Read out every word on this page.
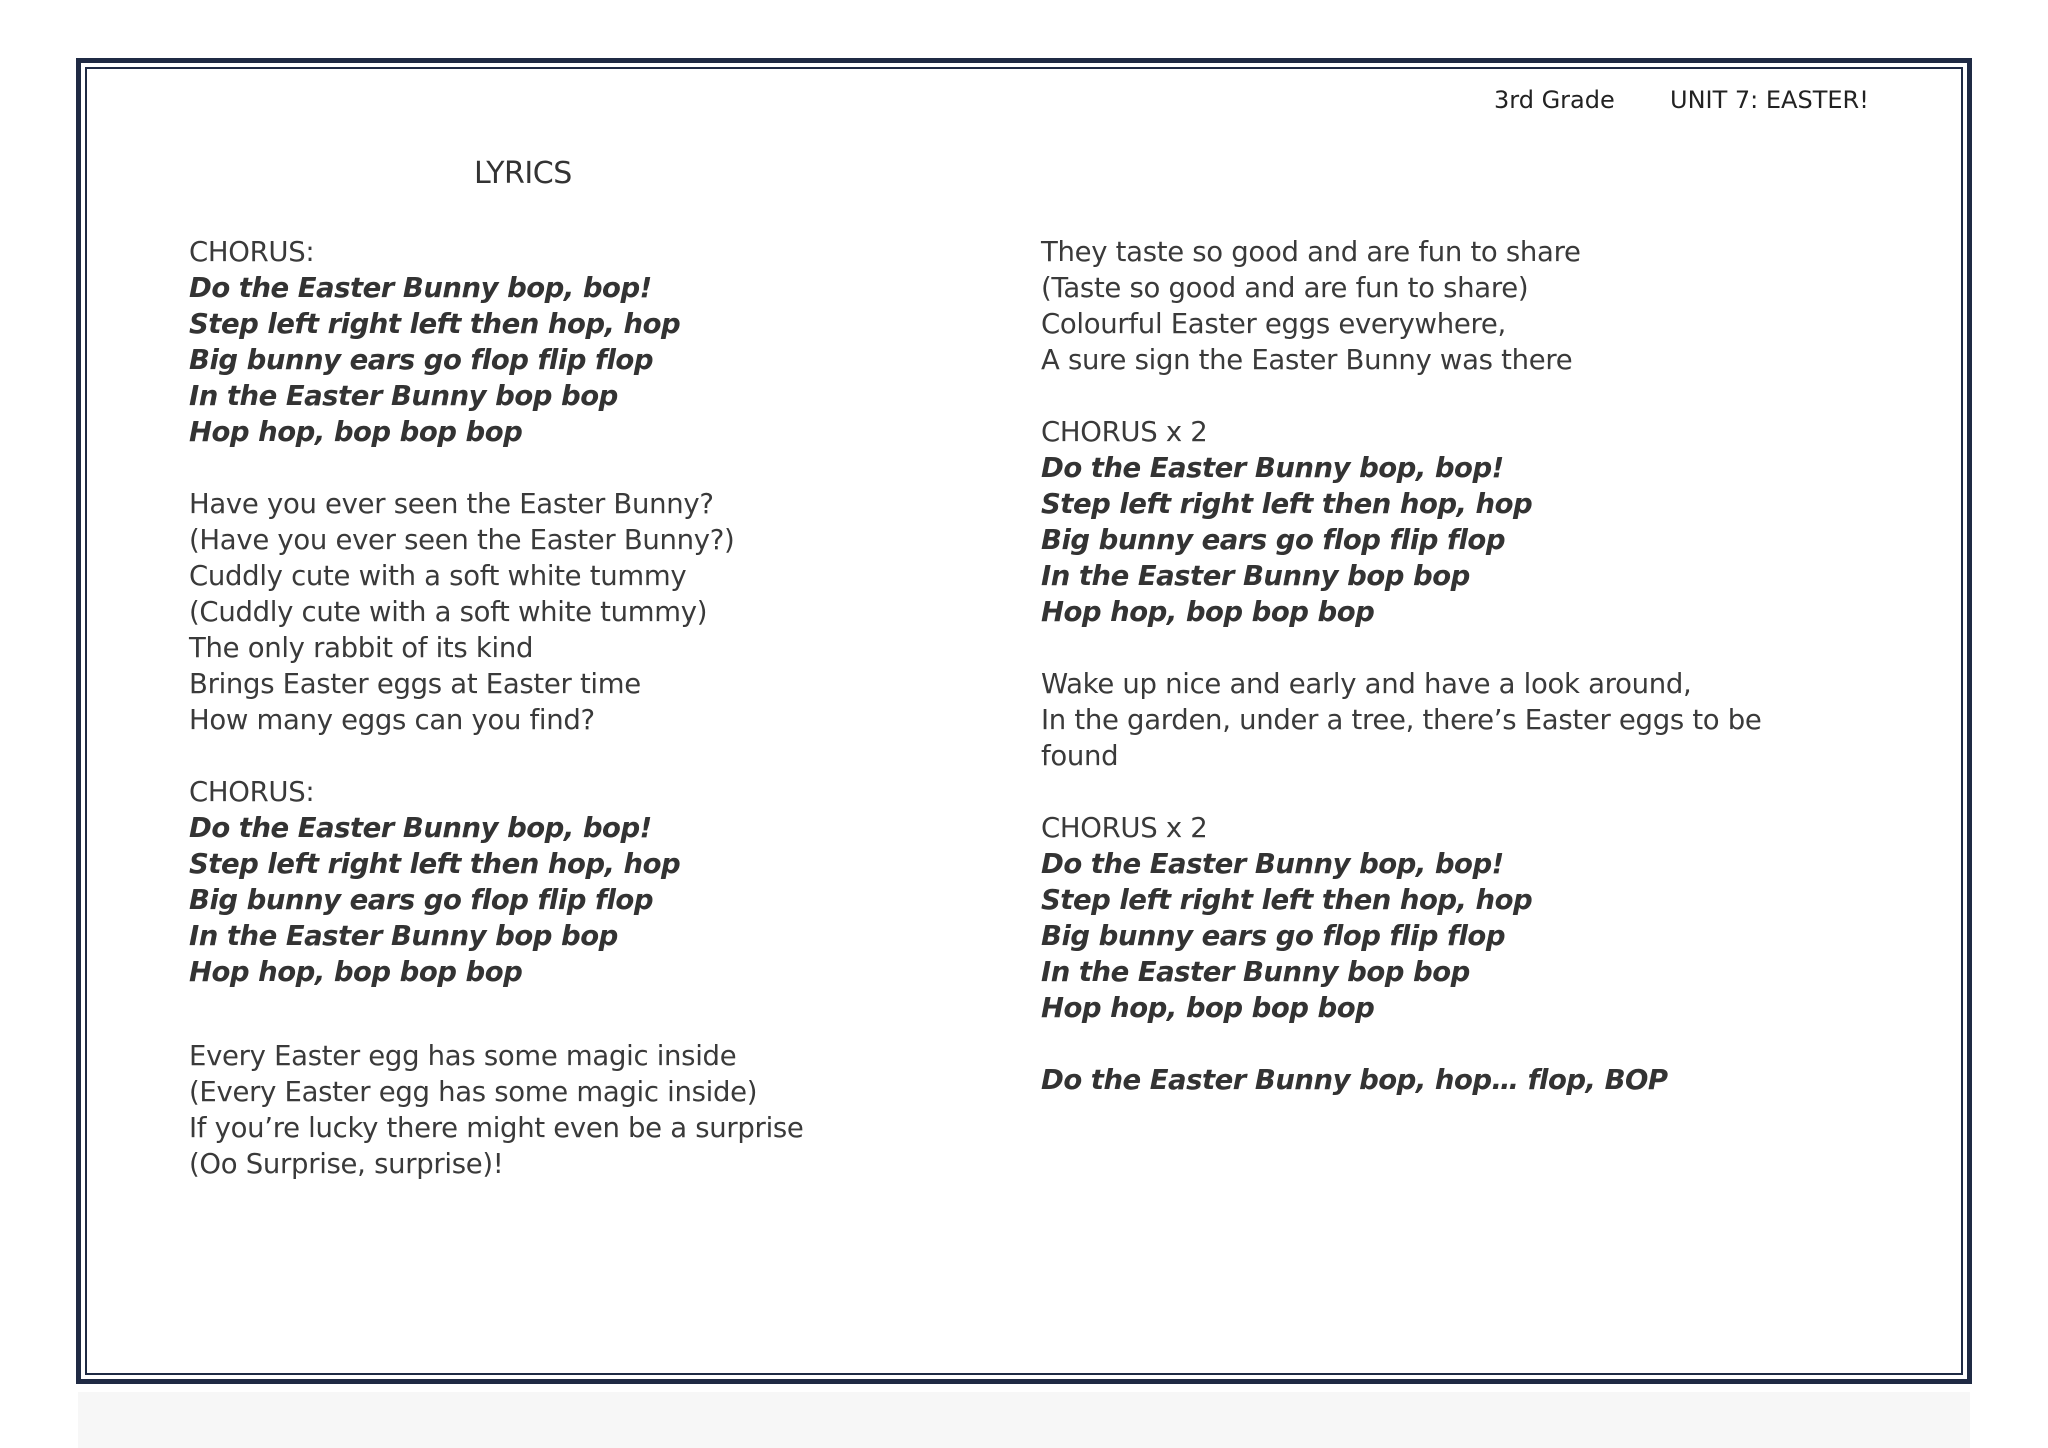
3rd Grade UNIT 7: EASTER!
LYRICS
CHORUS:
Do the Easter Bunny bop, bop!
Step left right left then hop, hop
Big bunny ears go flop flip flop
In the Easter Bunny bop bop
Hop hop, bop bop bop
Have you ever seen the Easter Bunny?
(Have you ever seen the Easter Bunny?)
Cuddly cute with a soft white tummy
(Cuddly cute with a soft white tummy)
The only rabbit of its kind
Brings Easter eggs at Easter time
How many eggs can you find?
CHORUS:
Do the Easter Bunny bop, bop!
Step left right left then hop, hop
Big bunny ears go flop flip flop
In the Easter Bunny bop bop
Hop hop, bop bop bop
Every Easter egg has some magic inside
(Every Easter egg has some magic inside)
If you’re lucky there might even be a surprise
(Oo Surprise, surprise)!
They taste so good and are fun to share
(Taste so good and are fun to share)
Colourful Easter eggs everywhere,
A sure sign the Easter Bunny was there
CHORUS x 2
Do the Easter Bunny bop, bop!
Step left right left then hop, hop
Big bunny ears go flop flip flop
In the Easter Bunny bop bop
Hop hop, bop bop bop
Wake up nice and early and have a look around,
In the garden, under a tree, there’s Easter eggs to be
found
CHORUS x 2
Do the Easter Bunny bop, bop!
Step left right left then hop, hop
Big bunny ears go flop flip flop
In the Easter Bunny bop bop
Hop hop, bop bop bop
Do the Easter Bunny bop, hop… flop, BOP
